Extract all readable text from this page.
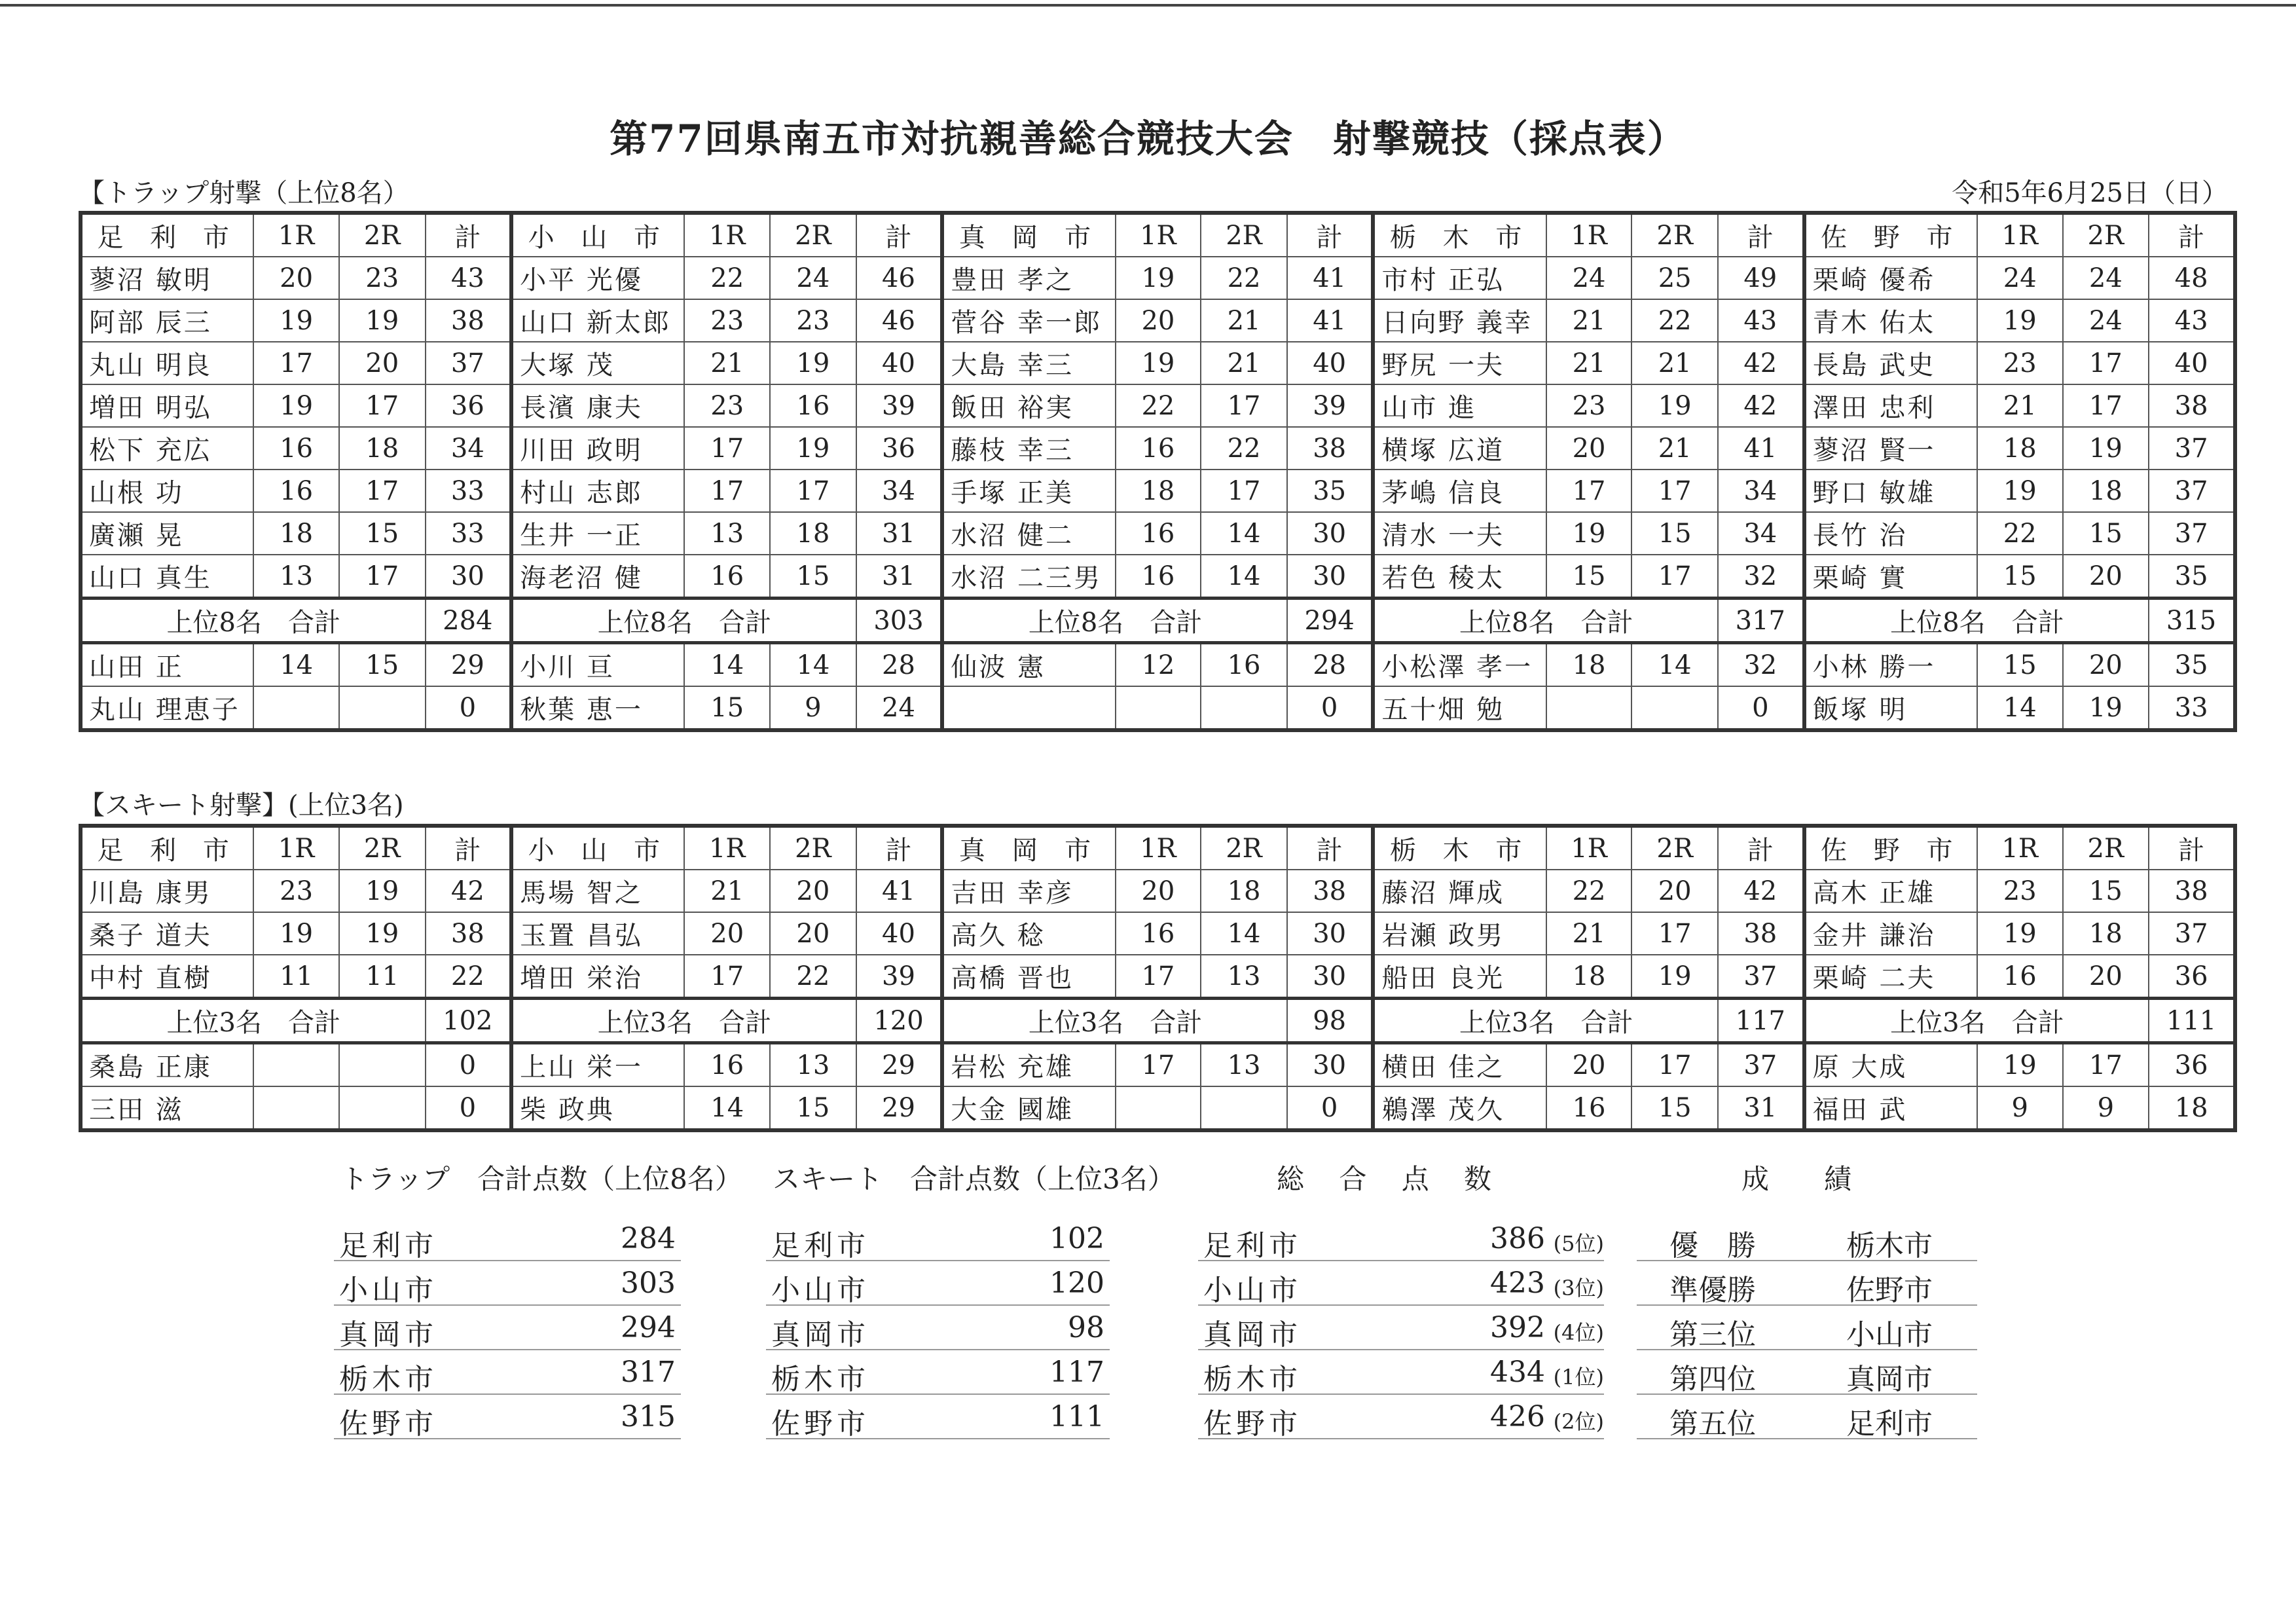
第77回県南五市対抗親善総合競技大会　射撃競技（採点表）
【トラップ射撃（上位8名）	令和5年6月25日（日）
足 利 市	1R	2R	計	小 山 市	1R	2R	計	真 岡 市	1R	2R	計	栃 木 市	1R	2R	計	佐 野 市	1R	2R	計
蓼沼 敏明	20	23	43	小平 光優	22	24	46	豊田 孝之	19	22	41	市村 正弘	24	25	49	栗崎 優希	24	24	48
阿部 辰三	19	19	38	山口 新太郎	23	23	46	菅谷 幸一郎	20	21	41	日向野 義幸	21	22	43	青木 佑太	19	24	43
丸山 明良	17	20	37	大塚 茂	21	19	40	大島 幸三	19	21	40	野尻 一夫	21	21	42	長島 武史	23	17	40
増田 明弘	19	17	36	長濱 康夫	23	16	39	飯田 裕実	22	17	39	山市 進	23	19	42	澤田 忠利	21	17	38
松下 充広	16	18	34	川田 政明	17	19	36	藤枝 幸三	16	22	38	横塚 広道	20	21	41	蓼沼 賢一	18	19	37
山根 功	16	17	33	村山 志郎	17	17	34	手塚 正美	18	17	35	茅嶋 信良	17	17	34	野口 敏雄	19	18	37
廣瀬 晃	18	15	33	生井 一正	13	18	31	水沼 健二	16	14	30	清水 一夫	19	15	34	長竹 治	22	15	37
山口 真生	13	17	30	海老沼 健	16	15	31	水沼 二三男	16	14	30	若色 稜太	15	17	32	栗崎 實	15	20	35
上位8名　合計			284	上位8名　合計			303	上位8名　合計			294	上位8名　合計			317	上位8名　合計			315
山田 正	14	15	29	小川 亘	14	14	28	仙波 憲	12	16	28	小松澤 孝一	18	14	32	小林 勝一	15	20	35
丸山 理恵子			0	秋葉 恵一	15	9	24				0	五十畑 勉			0	飯塚 明	14	19	33
【スキート射撃】(上位3名)
足 利 市	1R	2R	計	小 山 市	1R	2R	計	真 岡 市	1R	2R	計	栃 木 市	1R	2R	計	佐 野 市	1R	2R	計
川島 康男	23	19	42	馬場 智之	21	20	41	吉田 幸彦	20	18	38	藤沼 輝成	22	20	42	高木 正雄	23	15	38
桑子 道夫	19	19	38	玉置 昌弘	20	20	40	高久 稔	16	14	30	岩瀬 政男	21	17	38	金井 謙治	19	18	37
中村 直樹	11	11	22	増田 栄治	17	22	39	高橋 晋也	17	13	30	船田 良光	18	19	37	栗崎 二夫	16	20	36
上位3名　合計			102	上位3名　合計			120	上位3名　合計			98	上位3名　合計			117	上位3名　合計			111
桑島 正康			0	上山 栄一	16	13	29	岩松 充雄	17	13	30	横田 佳之	20	17	37	原 大成	19	17	36
三田 滋			0	柴 政典	14	15	29	大金 國雄			0	鵜澤 茂久	16	15	31	福田 武	9	9	18
トラップ　合計点数（上位8名） スキート　合計点数（上位3名）	総 合 点 数	成　　績
足利市	284
小山市	303
真岡市	294
栃木市	317
佐野市	315
足利市	102
小山市	120
真岡市	98
栃木市	117
佐野市	111
足利市	386 (5位)
小山市	423 (3位)
真岡市	392 (4位)
栃木市	434 (1位)
佐野市	426 (2位)
優　勝	栃木市
準優勝	佐野市
第三位	小山市
第四位	真岡市
第五位	足利市
